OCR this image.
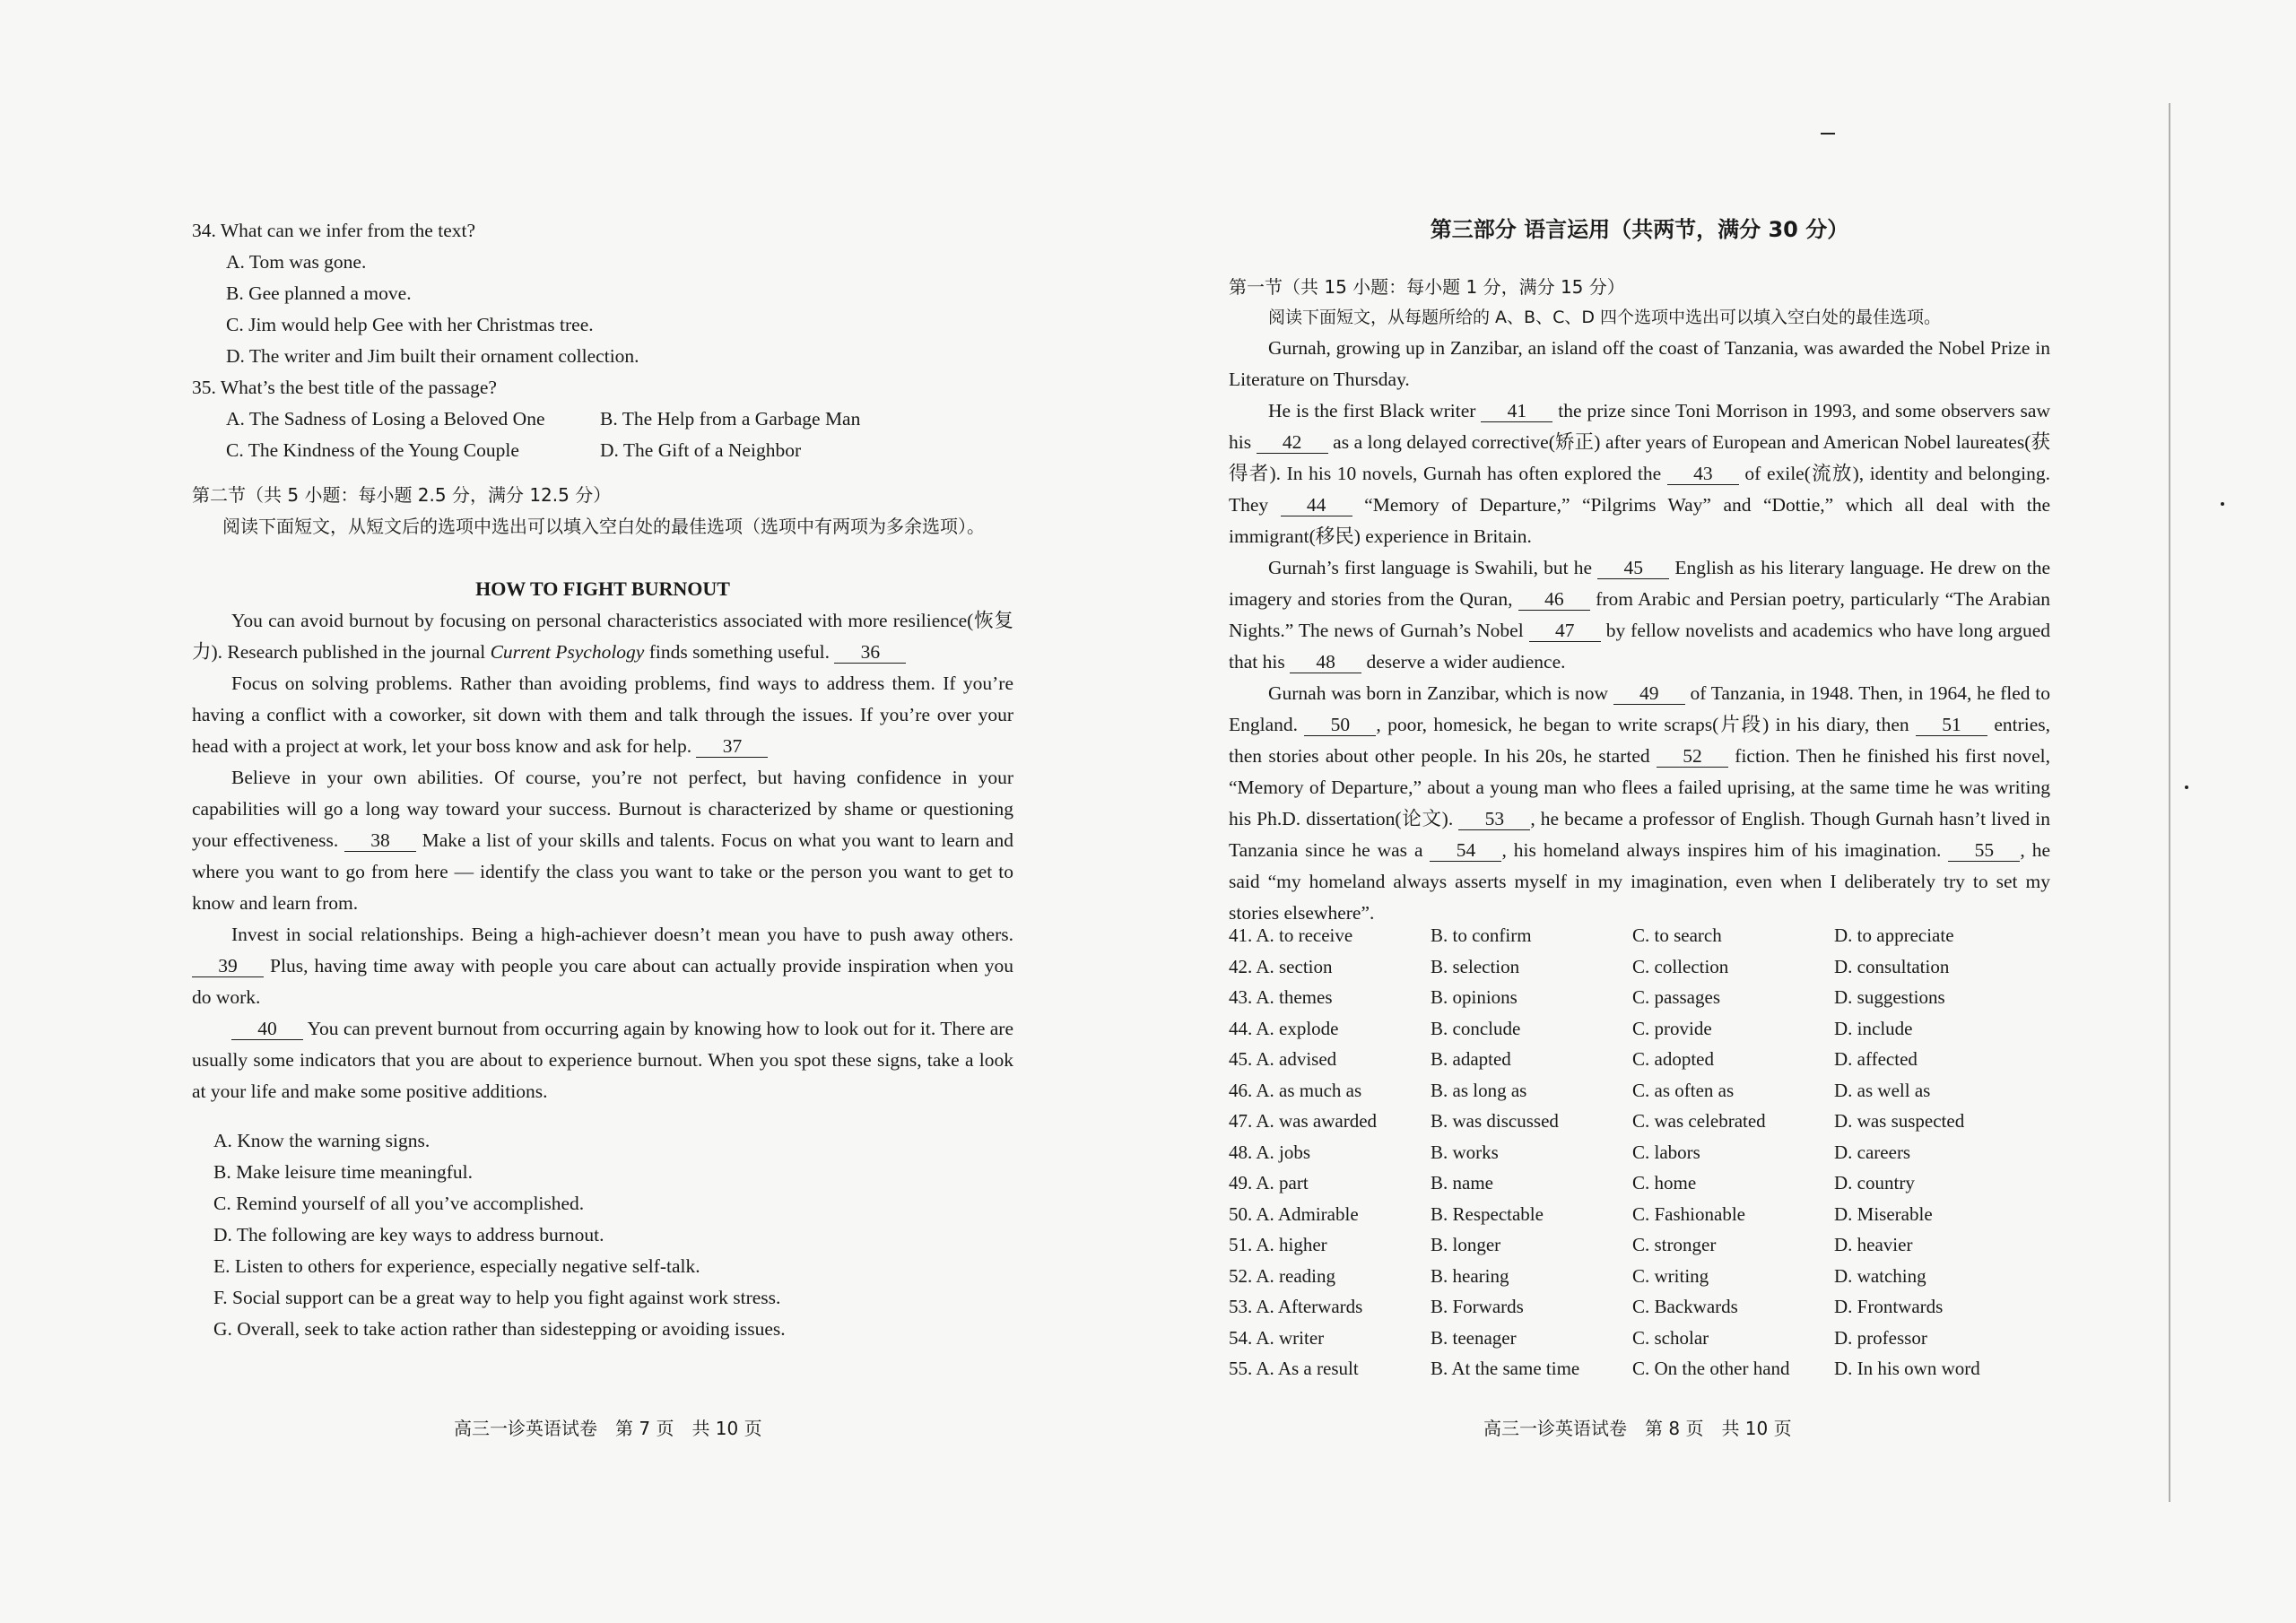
34. What can we infer from the text?

A. Tom was gone.

B. Gee planned a move.

C. Jim would help Gee with her Christmas tree.

D. The writer and Jim built their ornament collection.

35. What’s the best title of the passage?

A. The Sadness of Losing a Beloved One	B. The Help from a Garbage Man

C. The Kindness of the Young Couple	D. The Gift of a Neighbor

第二节（共 5 小题：每小题 2.5 分，满分 12.5 分）

阅读下面短文，从短文后的选项中选出可以填入空白处的最佳选项（选项中有两项为多余选项）。

HOW TO FIGHT BURNOUT

You can avoid burnout by focusing on personal characteristics associated with more resilience(恢复力). Research published in the journal Current Psychology finds something useful. 36
Focus on solving problems. Rather than avoiding problems, find ways to address them. If you’re having a conflict with a coworker, sit down with them and talk through the issues. If you’re over your head with a project at work, let your boss know and ask for help. 37
Believe in your own abilities. Of course, you’re not perfect, but having confidence in your capabilities will go a long way toward your success. Burnout is characterized by shame or questioning your effectiveness. 38 Make a list of your skills and talents. Focus on what you want to learn and where you want to go from here — identify the class you want to take or the person you want to get to know and learn from.
Invest in social relationships. Being a high-achiever doesn’t mean you have to push away others. 39 Plus, having time away with people you care about can actually provide inspiration when you do work.
40 You can prevent burnout from occurring again by knowing how to look out for it. There are usually some indicators that you are about to experience burnout. When you spot these signs, take a look at your life and make some positive additions.

A. Know the warning signs.

B. Make leisure time meaningful.

C. Remind yourself of all you’ve accomplished.

D. The following are key ways to address burnout.

E. Listen to others for experience, especially negative self-talk.

F. Social support can be a great way to help you fight against work stress.

G. Overall, seek to take action rather than sidestepping or avoiding issues.

高三一诊英语试卷　第 7 页　共 10 页

第三部分 语言运用（共两节，满分 30 分）

第一节（共 15 小题：每小题 1 分，满分 15 分）

阅读下面短文，从每题所给的 A、B、C、D 四个选项中选出可以填入空白处的最佳选项。

Gurnah, growing up in Zanzibar, an island off the coast of Tanzania, was awarded the Nobel Prize in Literature on Thursday.

He is the first Black writer 41 the prize since Toni Morrison in 1993, and some observers saw his 42 as a long delayed corrective(矫正) after years of European and American Nobel laureates(获得者). In his 10 novels, Gurnah has often explored the 43 of exile(流放), identity and belonging. They 44 “Memory of Departure,” “Pilgrims Way” and “Dottie,” which all deal with the immigrant(移民) experience in Britain.
Gurnah’s first language is Swahili, but he 45 English as his literary language. He drew on the imagery and stories from the Quran, 46 from Arabic and Persian poetry, particularly “The Arabian Nights.” The news of Gurnah’s Nobel 47 by fellow novelists and academics who have long argued that his 48 deserve a wider audience.
Gurnah was born in Zanzibar, which is now 49 of Tanzania, in 1948. Then, in 1964, he fled to England. 50 , poor, homesick, he began to write scraps(片段) in his diary, then 51 entries, then stories about other people. In his 20s, he started 52 fiction. Then he finished his first novel, “Memory of Departure,” about a young man who flees a failed uprising, at the same time he was writing his Ph.D. dissertation(论文). 53 , he became a professor of English. Though Gurnah hasn’t lived in Tanzania since he was a 54 , his homeland always inspires him of his imagination. 55 , he said “my homeland always asserts myself in my imagination, even when I deliberately try to set my stories elsewhere”.
41. A. to receive	B. to confirm	C. to search	D. to appreciate
42. A. section	B. selection	C. collection	D. consultation
43. A. themes	B. opinions	C. passages	D. suggestions
44. A. explode	B. conclude	C. provide	D. include
45. A. advised	B. adapted	C. adopted	D. affected
46. A. as much as	B. as long as	C. as often as	D. as well as
47. A. was awarded	B. was discussed	C. was celebrated	D. was suspected
48. A. jobs	B. works	C. labors	D. careers
49. A. part	B. name	C. home	D. country
50. A. Admirable	B. Respectable	C. Fashionable	D. Miserable
51. A. higher	B. longer	C. stronger	D. heavier
52. A. reading	B. hearing	C. writing	D. watching
53. A. Afterwards	B. Forwards	C. Backwards	D. Frontwards
54. A. writer	B. teenager	C. scholar	D. professor
55. A. As a result	B. At the same time	C. On the other hand D. In his own word

高三一诊英语试卷　第 8 页　共 10 页
